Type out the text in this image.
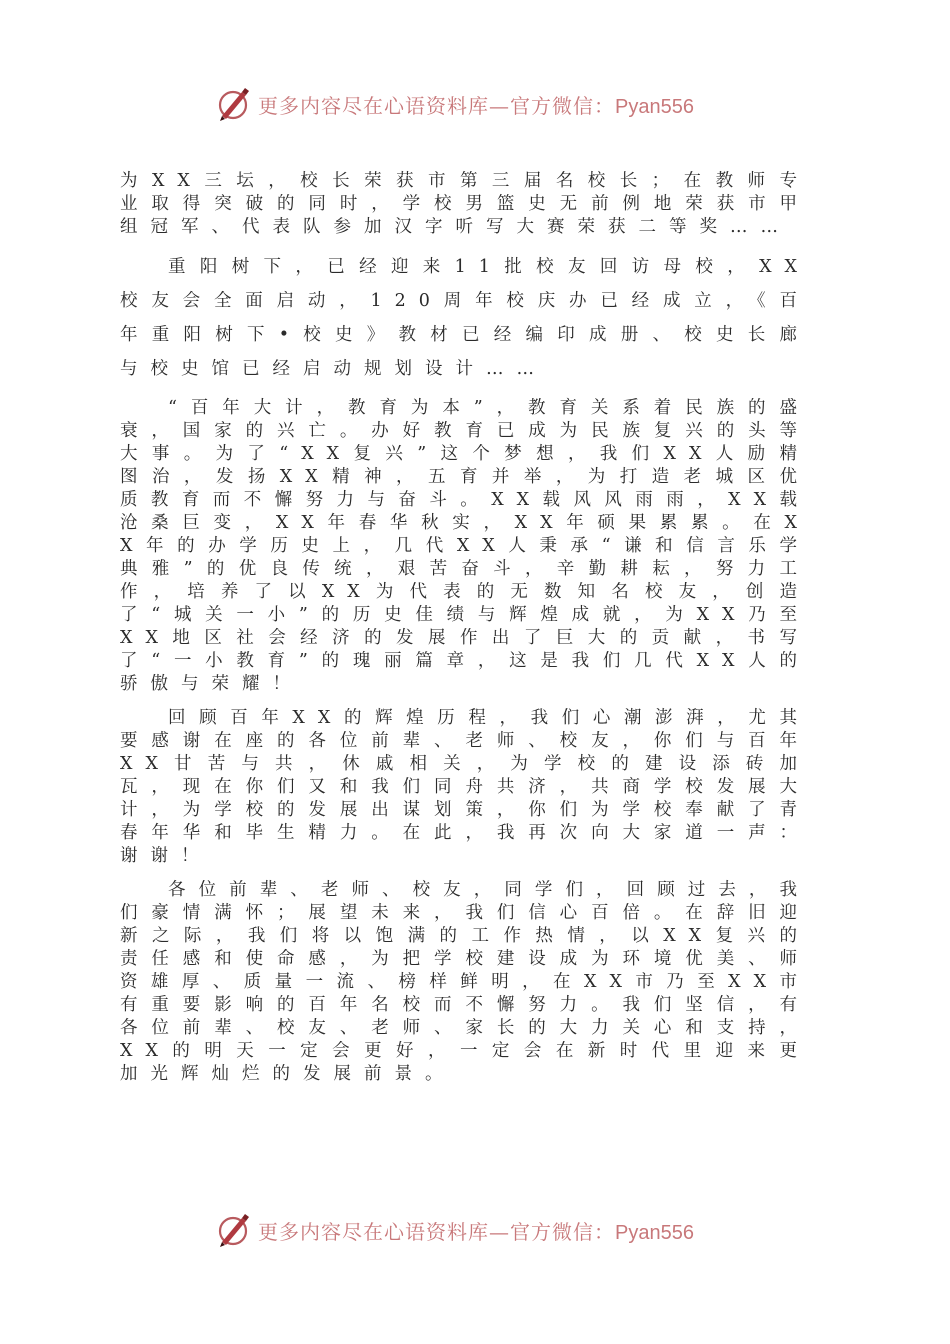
更多内容尽在心语资料库—官方微信：Pyan556

为XX三坛，校长荣获市第三届名校长；在教师专业取得突破的同时，学校男篮史无前例地荣获市甲组冠军、代表队参加汉字听写大赛荣获二等奖……

重阳树下，已经迎来11批校友回访母校，XX校友会全面启动，120周年校庆办已经成立，《百年重阳树下•校史》教材已经编印成册、校史长廊与校史馆已经启动规划设计……

“百年大计，教育为本”，教育关系着民族的盛衰，国家的兴亡。办好教育已成为民族复兴的头等大事。为了“XX复兴”这个梦想，我们XX人励精图治，发扬XX精神，五育并举，为打造老城区优质教育而不懈努力与奋斗。XX载风风雨雨，XX载沧桑巨变，XX年春华秋实，XX年硕果累累。在XX年的办学历史上，几代XX人秉承“谦和信言乐学典雅”的优良传统，艰苦奋斗，辛勤耕耘，努力工作，培养了以XX为代表的无数知名校友，创造了“城关一小”的历史佳绩与辉煌成就，为XX乃至XX地区社会经济的发展作出了巨大的贡献，书写了“一小教育”的瑰丽篇章，这是我们几代XX人的骄傲与荣耀！

回顾百年XX的辉煌历程，我们心潮澎湃，尤其要感谢在座的各位前辈、老师、校友，你们与百年XX甘苦与共，休戚相关，为学校的建设添砖加瓦，现在你们又和我们同舟共济，共商学校发展大计，为学校的发展出谋划策，你们为学校奉献了青春年华和毕生精力。在此，我再次向大家道一声：谢谢！

各位前辈、老师、校友，同学们，回顾过去，我们豪情满怀；展望未来，我们信心百倍。在辞旧迎新之际，我们将以饱满的工作热情，以XX复兴的责任感和使命感，为把学校建设成为环境优美、师资雄厚、质量一流、榜样鲜明，在XX市乃至XX市有重要影响的百年名校而不懈努力。我们坚信，有各位前辈、校友、老师、家长的大力关心和支持，XX的明天一定会更好，一定会在新时代里迎来更加光辉灿烂的发展前景。

更多内容尽在心语资料库—官方微信：Pyan556
